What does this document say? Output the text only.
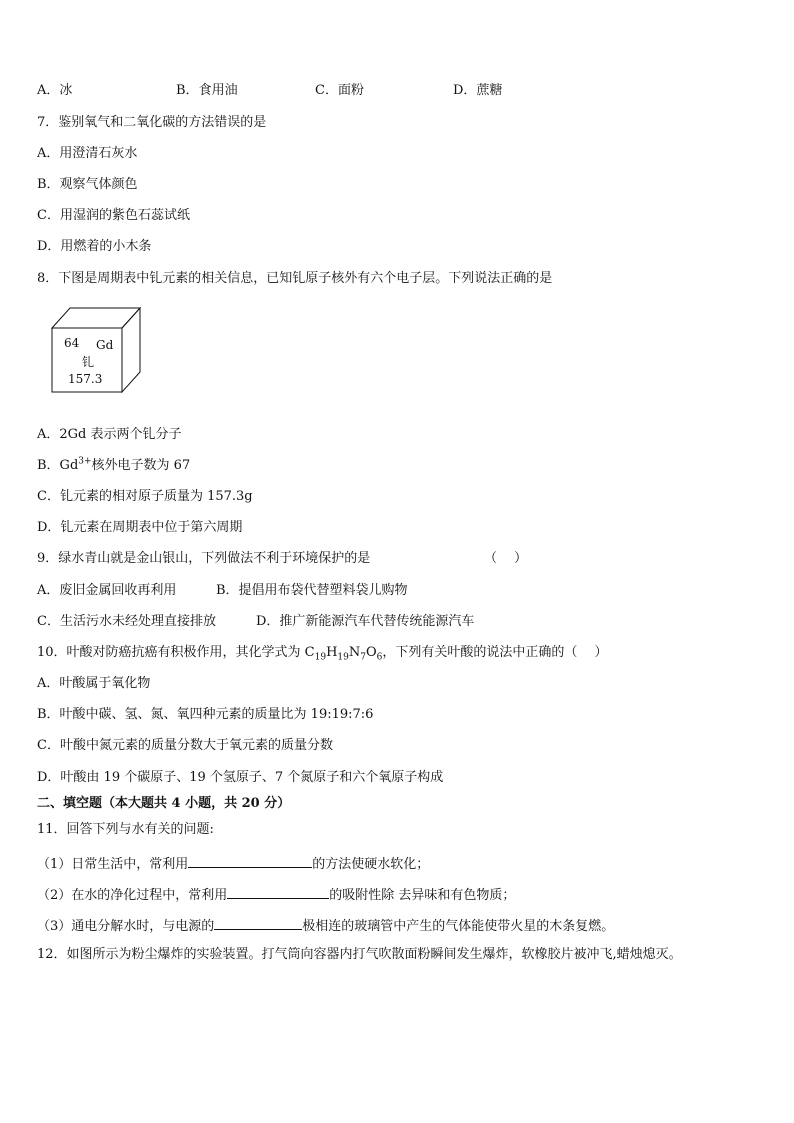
A．冰	B．食用油	C．面粉	D．蔗糖
7．鉴别氧气和二氧化碳的方法错误的是
A．用澄清石灰水
B．观察气体颜色
C．用湿润的紫色石蕊试纸
D．用燃着的小木条
8．下图是周期表中钆元素的相关信息，已知钆原子核外有六个电子层。下列说法正确的是
64 Gd
钆
157.3
A．2Gd 表示两个钆分子
B．$Gd^{3+}$核外电子数为 67
C．钆元素的相对原子质量为 157.3g
D．钆元素在周期表中位于第六周期
9．绿水青山就是金山银山，下列做法不利于环境保护的是	（　 ）
A．废旧金属回收再利用	B．提倡用布袋代替塑料袋儿购物
C．生活污水未经处理直接排放	D．推广新能源汽车代替传统能源汽车
10．叶酸对防癌抗癌有积极作用，其化学式为 $C_{19}H_{19}N_7O_6$，下列有关叶酸的说法中正确的（　 ）
A．叶酸属于氧化物
B．叶酸中碳、氢、氮、氧四种元素的质量比为 19:19:7:6
C．叶酸中氮元素的质量分数大于氧元素的质量分数
D．叶酸由 19 个碳原子、19 个氢原子、7 个氮原子和六个氧原子构成
二、填空题（本大题共 4 小题，共 20 分）
11．回答下列与水有关的问题:
（1）日常生活中，常利用	的方法使硬水软化；
（2）在水的净化过程中，常利用	的吸附性除 去异味和有色物质；
（3）通电分解水时，与电源的	极相连的玻璃管中产生的气体能使带火星的木条复燃。
12．如图所示为粉尘爆炸的实验装置。打气筒向容器内打气吹散面粉瞬间发生爆炸，软橡胶片被冲飞,蜡烛熄灭。
